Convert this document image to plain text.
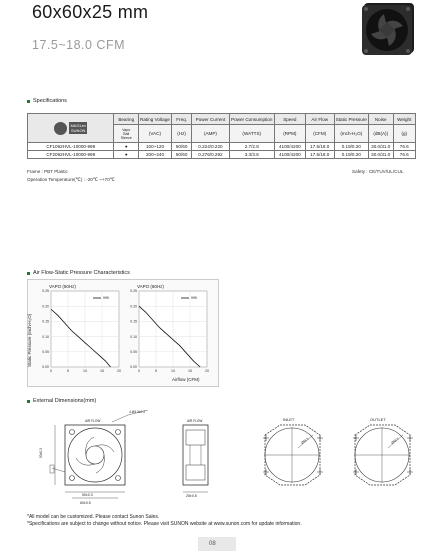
60x60x25 mm
17.5~18.0 CFM
Specifications
MAGLev
SUNON	Bearing	Rating Voltage	Freq.	Power Current	Power Consumption	Speed	Air Flow	Static Pressure	Noise	Weight

	Vapo
Ball
Sleeve	(VAC)	(Hz)	(AMP)	(WATTS)	(RPM)	(CFM)	(Inch-H₂O)	(dB(A))	(g)
CF1062HVL-10000-999	●	100~120	50/60	0.224/0.220	2.7/2.8	4100/4200	17.5/18.0	0.19/0.20	30.0/31.0	76.6
CF2062HVL-10000-999	●	200~240	50/60	0.276/0.292	3.3/3.6	4100/4200	17.5/18.0	0.19/0.20	30.0/31.0	76.6
Frame : PBT Plastic
Operation Temperature(℃) : -20℃ ~+70℃
Safety : CE/TUV/UL/CUL
Air Flow-Static Pressure Characteristics
Static Pressure (Inch-H₂O)
0.00
0.05
0.10
0.15
0.20
0.25
0	5	10	15	20
VAPO (50Hz)
999
0.00
0.05
0.10
0.15
0.20
0.25
0	5	10	15	20
VAPO (60Hz)
999
Airflow (CFM)
External Dimensions(mm)
50±0.3
60±0.5
4-Ø4.3±0.3
50±0.3
AIR FLOW
25±0.5
AIR FLOW	INLET
Ø58.5
OUTLET
Ø58.5
*All model can be customized. Please contact Sunon Sales.
*Specifications are subject to change without notice. Please visit SUNON website at www.sunon.com for update information.
08
